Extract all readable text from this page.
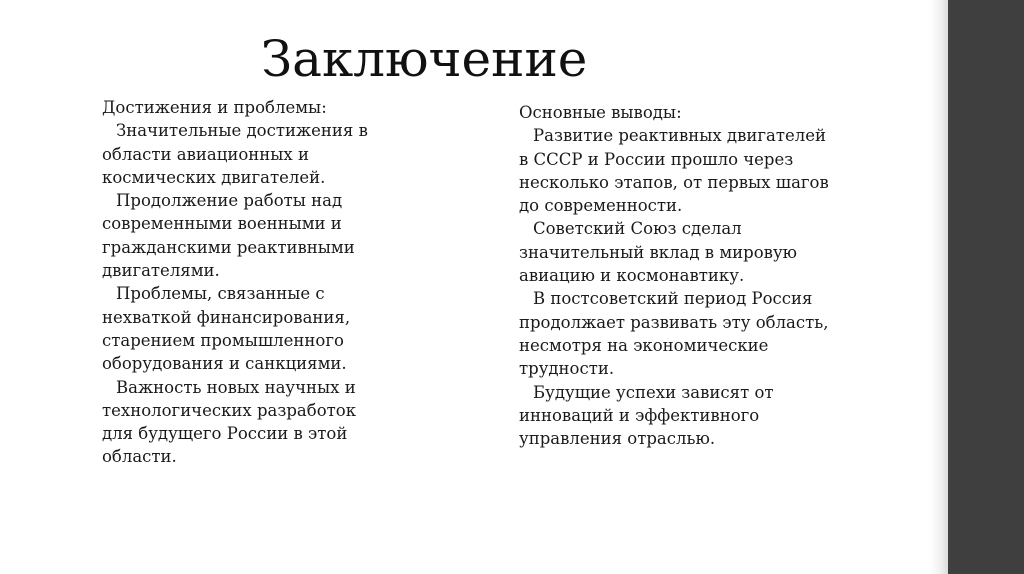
Заключение

Достижения и проблемы:

Значительные достижения в области авиационных и космических двигателей.

Продолжение работы над современными военными и гражданскими реактивными двигателями.

Проблемы, связанные с нехваткой финансирования, старением промышленного оборудования и санкциями.

Важность новых научных и технологических разработок для будущего России в этой области.

Основные выводы:

Развитие реактивных двигателей в СССР и России прошло через несколько этапов, от первых шагов до современности.

Советский Союз сделал значительный вклад в мировую авиацию и космонавтику.

В постсоветский период Россия продолжает развивать эту область, несмотря на экономические трудности.

Будущие успехи зависят от инноваций и эффективного управления отраслью.
